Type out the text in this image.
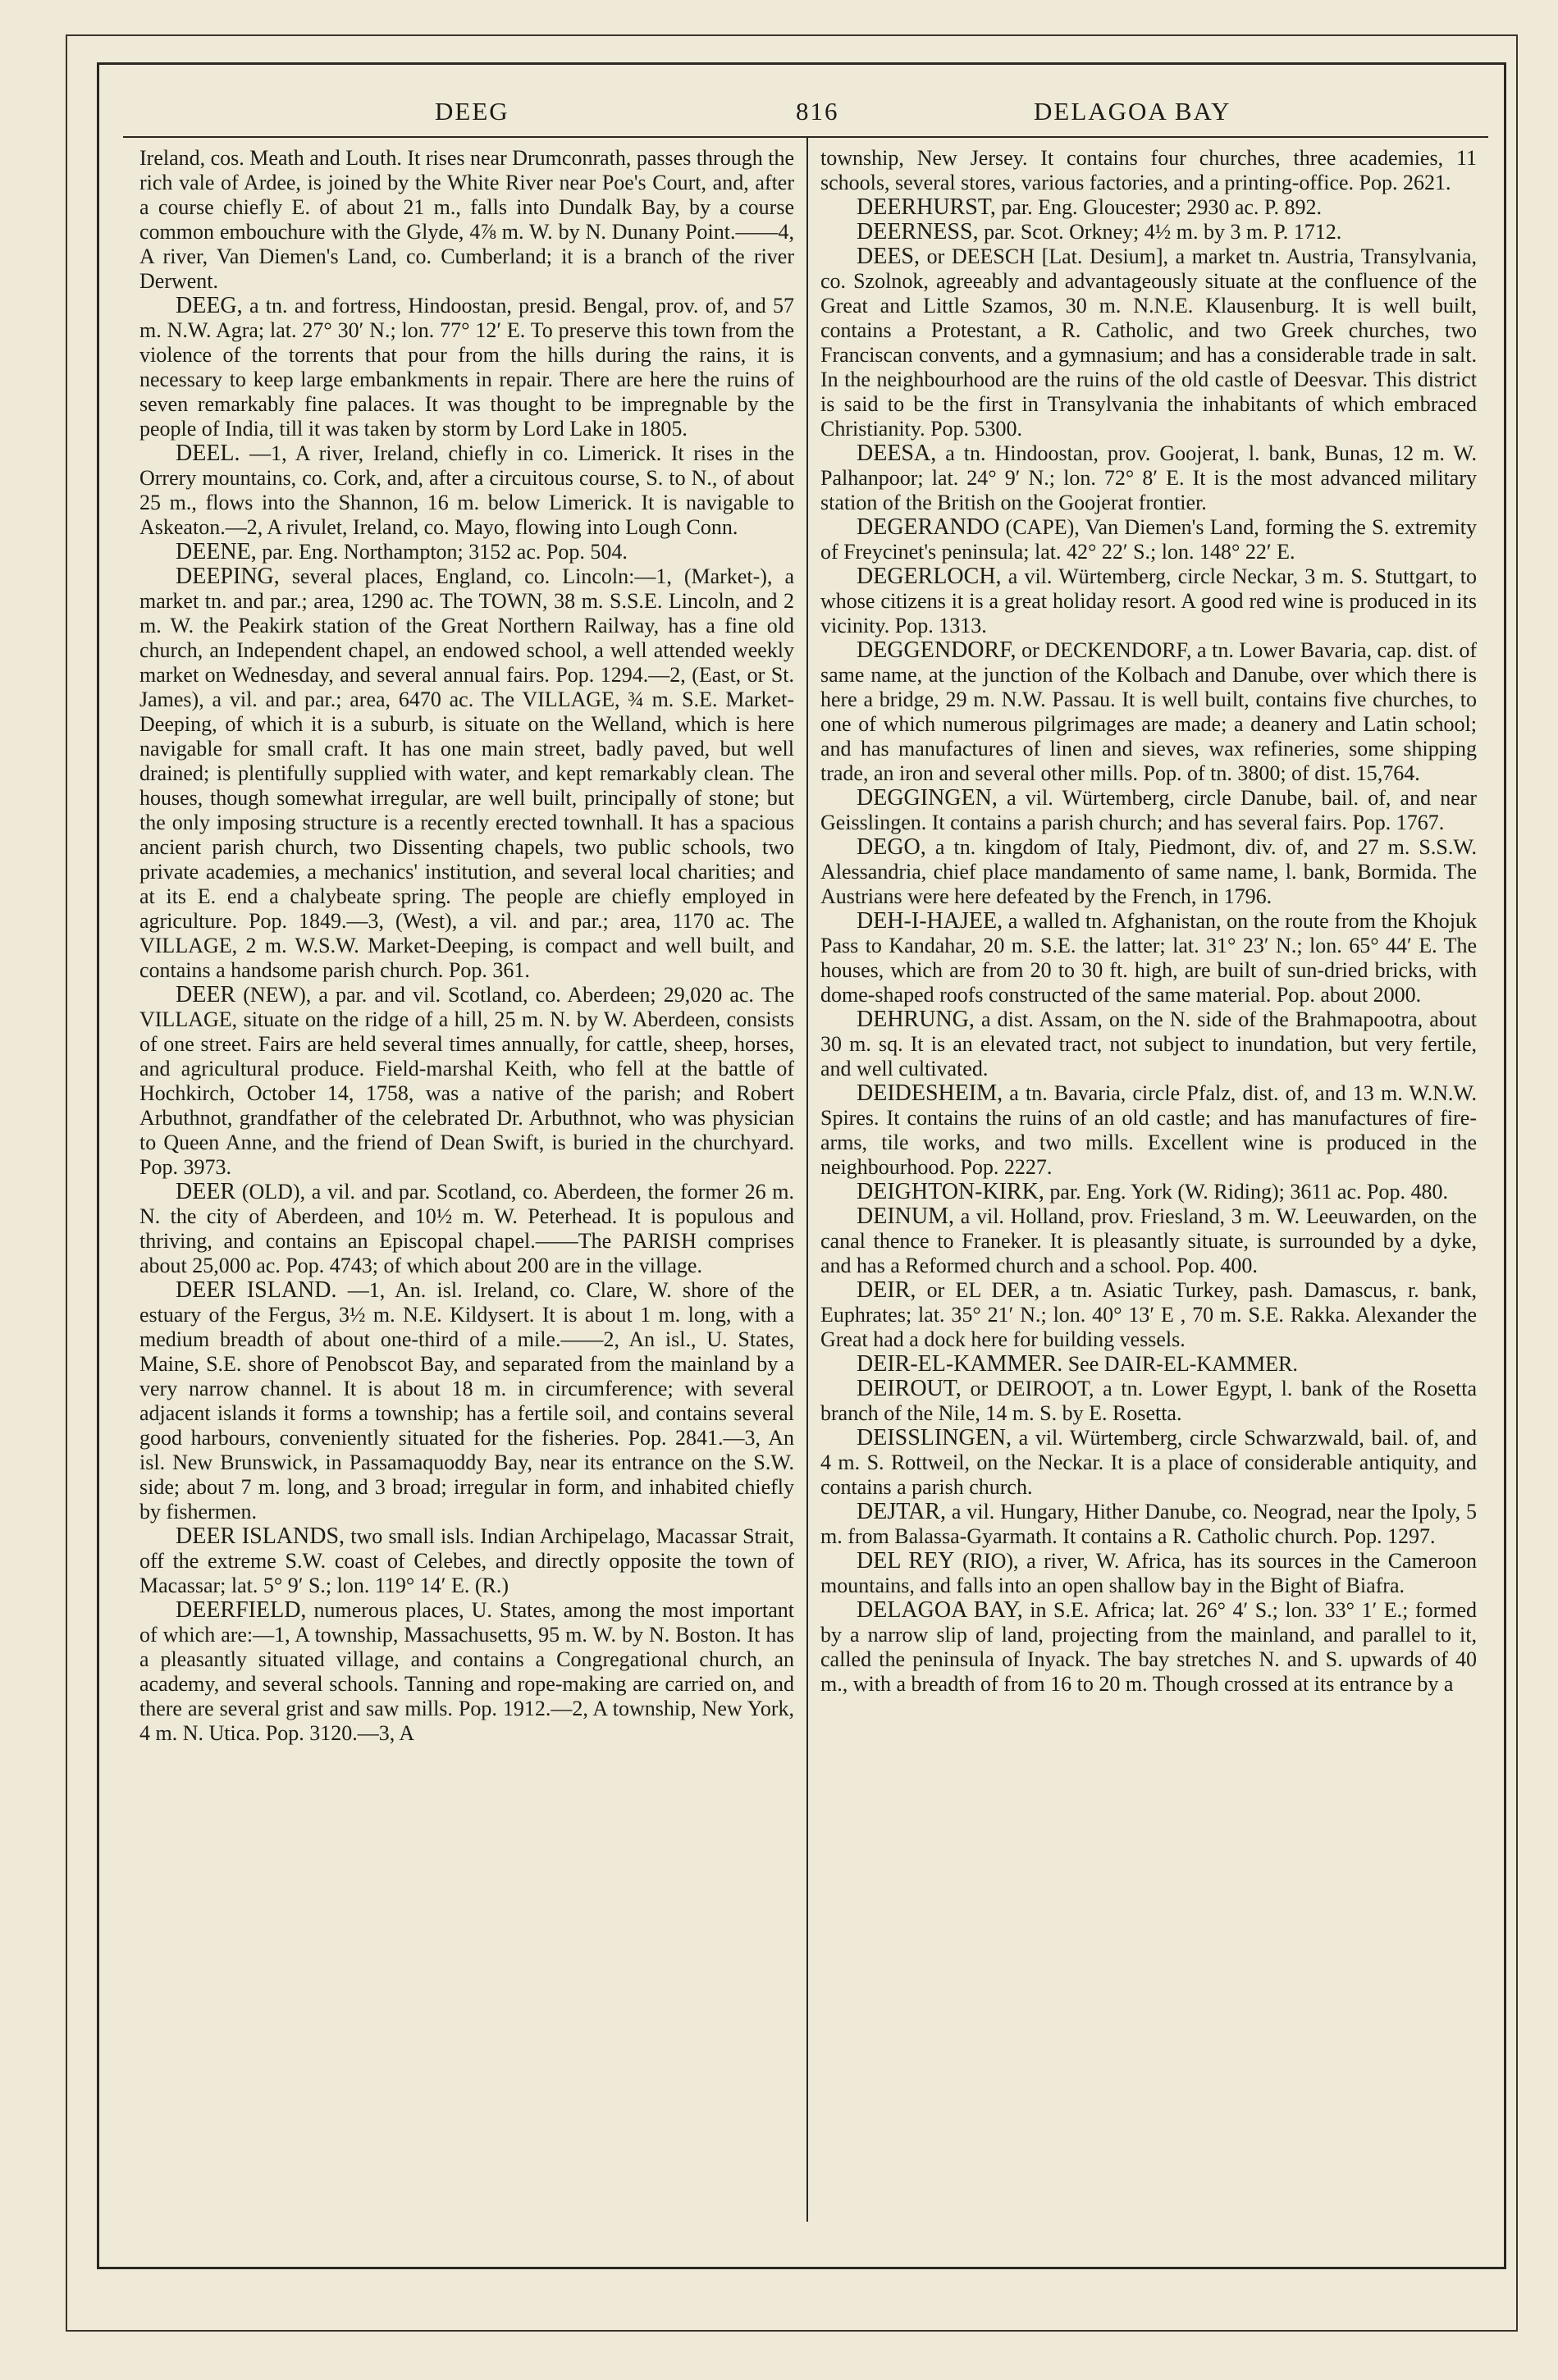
DEEG	816	DELAGOA BAY

Ireland, cos. Meath and Louth. It rises near Drumconrath, passes through the rich vale of Ardee, is joined by the White River near Poe's Court, and, after a course chiefly E. of about 21 m., falls into Dundalk Bay, by a course common embouchure with the Glyde, 4⅞ m. W. by N. Dunany Point.——4, A river, Van Diemen's Land, co. Cumberland; it is a branch of the river Derwent.

DEEG, a tn. and fortress, Hindoostan, presid. Bengal, prov. of, and 57 m. N.W. Agra; lat. 27° 30′ N.; lon. 77° 12′ E. To preserve this town from the violence of the torrents that pour from the hills during the rains, it is necessary to keep large embankments in repair. There are here the ruins of seven remarkably fine palaces. It was thought to be impregnable by the people of India, till it was taken by storm by Lord Lake in 1805.

DEEL. —1, A river, Ireland, chiefly in co. Limerick. It rises in the Orrery mountains, co. Cork, and, after a circuitous course, S. to N., of about 25 m., flows into the Shannon, 16 m. below Limerick. It is navigable to Askeaton.—2, A rivulet, Ireland, co. Mayo, flowing into Lough Conn.

DEENE, par. Eng. Northampton; 3152 ac. Pop. 504.

DEEPING, several places, England, co. Lincoln:—1, (Market-), a market tn. and par.; area, 1290 ac. The TOWN, 38 m. S.S.E. Lincoln, and 2 m. W. the Peakirk station of the Great Northern Railway, has a fine old church, an Independent chapel, an endowed school, a well attended weekly market on Wednesday, and several annual fairs. Pop. 1294.—2, (East, or St. James), a vil. and par.; area, 6470 ac. The VILLAGE, ¾ m. S.E. Market-Deeping, of which it is a suburb, is situate on the Welland, which is here navigable for small craft. It has one main street, badly paved, but well drained; is plentifully supplied with water, and kept remarkably clean. The houses, though somewhat irregular, are well built, principally of stone; but the only imposing structure is a recently erected townhall. It has a spacious ancient parish church, two Dissenting chapels, two public schools, two private academies, a mechanics' institution, and several local charities; and at its E. end a chalybeate spring. The people are chiefly employed in agriculture. Pop. 1849.—3, (West), a vil. and par.; area, 1170 ac. The VILLAGE, 2 m. W.S.W. Market-Deeping, is compact and well built, and contains a handsome parish church. Pop. 361.

DEER (NEW), a par. and vil. Scotland, co. Aberdeen; 29,020 ac. The VILLAGE, situate on the ridge of a hill, 25 m. N. by W. Aberdeen, consists of one street. Fairs are held several times annually, for cattle, sheep, horses, and agricultural produce. Field-marshal Keith, who fell at the battle of Hochkirch, October 14, 1758, was a native of the parish; and Robert Arbuthnot, grandfather of the celebrated Dr. Arbuthnot, who was physician to Queen Anne, and the friend of Dean Swift, is buried in the churchyard. Pop. 3973.

DEER (OLD), a vil. and par. Scotland, co. Aberdeen, the former 26 m. N. the city of Aberdeen, and 10½ m. W. Peterhead. It is populous and thriving, and contains an Episcopal chapel.——The PARISH comprises about 25,000 ac. Pop. 4743; of which about 200 are in the village.

DEER ISLAND. —1, An. isl. Ireland, co. Clare, W. shore of the estuary of the Fergus, 3½ m. N.E. Kildysert. It is about 1 m. long, with a medium breadth of about one-third of a mile.——2, An isl., U. States, Maine, S.E. shore of Penobscot Bay, and separated from the mainland by a very narrow channel. It is about 18 m. in circumference; with several adjacent islands it forms a township; has a fertile soil, and contains several good harbours, conveniently situated for the fisheries. Pop. 2841.—3, An isl. New Brunswick, in Passamaquoddy Bay, near its entrance on the S.W. side; about 7 m. long, and 3 broad; irregular in form, and inhabited chiefly by fishermen.

DEER ISLANDS, two small isls. Indian Archipelago, Macassar Strait, off the extreme S.W. coast of Celebes, and directly opposite the town of Macassar; lat. 5° 9′ S.; lon. 119° 14′ E. (R.)

DEERFIELD, numerous places, U. States, among the most important of which are:—1, A township, Massachusetts, 95 m. W. by N. Boston. It has a pleasantly situated village, and contains a Congregational church, an academy, and several schools. Tanning and rope-making are carried on, and there are several grist and saw mills. Pop. 1912.—2, A township, New York, 4 m. N. Utica. Pop. 3120.—3, A

township, New Jersey. It contains four churches, three academies, 11 schools, several stores, various factories, and a printing-office. Pop. 2621.

DEERHURST, par. Eng. Gloucester; 2930 ac. P. 892.

DEERNESS, par. Scot. Orkney; 4½ m. by 3 m. P. 1712.

DEES, or DEESCH [Lat. Desium], a market tn. Austria, Transylvania, co. Szolnok, agreeably and advantageously situate at the confluence of the Great and Little Szamos, 30 m. N.N.E. Klausenburg. It is well built, contains a Protestant, a R. Catholic, and two Greek churches, two Franciscan convents, and a gymnasium; and has a considerable trade in salt. In the neighbourhood are the ruins of the old castle of Deesvar. This district is said to be the first in Transylvania the inhabitants of which embraced Christianity. Pop. 5300.

DEESA, a tn. Hindoostan, prov. Goojerat, l. bank, Bunas, 12 m. W. Palhanpoor; lat. 24° 9′ N.; lon. 72° 8′ E. It is the most advanced military station of the British on the Goojerat frontier.

DEGERANDO (CAPE), Van Diemen's Land, forming the S. extremity of Freycinet's peninsula; lat. 42° 22′ S.; lon. 148° 22′ E.

DEGERLOCH, a vil. Würtemberg, circle Neckar, 3 m. S. Stuttgart, to whose citizens it is a great holiday resort. A good red wine is produced in its vicinity. Pop. 1313.

DEGGENDORF, or DECKENDORF, a tn. Lower Bavaria, cap. dist. of same name, at the junction of the Kolbach and Danube, over which there is here a bridge, 29 m. N.W. Passau. It is well built, contains five churches, to one of which numerous pilgrimages are made; a deanery and Latin school; and has manufactures of linen and sieves, wax refineries, some shipping trade, an iron and several other mills. Pop. of tn. 3800; of dist. 15,764.

DEGGINGEN, a vil. Würtemberg, circle Danube, bail. of, and near Geisslingen. It contains a parish church; and has several fairs. Pop. 1767.

DEGO, a tn. kingdom of Italy, Piedmont, div. of, and 27 m. S.S.W. Alessandria, chief place mandamento of same name, l. bank, Bormida. The Austrians were here defeated by the French, in 1796.

DEH-I-HAJEE, a walled tn. Afghanistan, on the route from the Khojuk Pass to Kandahar, 20 m. S.E. the latter; lat. 31° 23′ N.; lon. 65° 44′ E. The houses, which are from 20 to 30 ft. high, are built of sun-dried bricks, with dome-shaped roofs constructed of the same material. Pop. about 2000.

DEHRUNG, a dist. Assam, on the N. side of the Brahmapootra, about 30 m. sq. It is an elevated tract, not subject to inundation, but very fertile, and well cultivated.

DEIDESHEIM, a tn. Bavaria, circle Pfalz, dist. of, and 13 m. W.N.W. Spires. It contains the ruins of an old castle; and has manufactures of fire-arms, tile works, and two mills. Excellent wine is produced in the neighbourhood. Pop. 2227.

DEIGHTON-KIRK, par. Eng. York (W. Riding); 3611 ac. Pop. 480.

DEINUM, a vil. Holland, prov. Friesland, 3 m. W. Leeuwarden, on the canal thence to Franeker. It is pleasantly situate, is surrounded by a dyke, and has a Reformed church and a school. Pop. 400.

DEIR, or EL DER, a tn. Asiatic Turkey, pash. Damascus, r. bank, Euphrates; lat. 35° 21′ N.; lon. 40° 13′ E , 70 m. S.E. Rakka. Alexander the Great had a dock here for building vessels.

DEIR-EL-KAMMER. See DAIR-EL-KAMMER.

DEIROUT, or DEIROOT, a tn. Lower Egypt, l. bank of the Rosetta branch of the Nile, 14 m. S. by E. Rosetta.

DEISSLINGEN, a vil. Würtemberg, circle Schwarzwald, bail. of, and 4 m. S. Rottweil, on the Neckar. It is a place of considerable antiquity, and contains a parish church.

DEJTAR, a vil. Hungary, Hither Danube, co. Neograd, near the Ipoly, 5 m. from Balassa-Gyarmath. It contains a R. Catholic church. Pop. 1297.

DEL REY (RIO), a river, W. Africa, has its sources in the Cameroon mountains, and falls into an open shallow bay in the Bight of Biafra.

DELAGOA BAY, in S.E. Africa; lat. 26° 4′ S.; lon. 33° 1′ E.; formed by a narrow slip of land, projecting from the mainland, and parallel to it, called the peninsula of Inyack. The bay stretches N. and S. upwards of 40 m., with a breadth of from 16 to 20 m. Though crossed at its entrance by a
